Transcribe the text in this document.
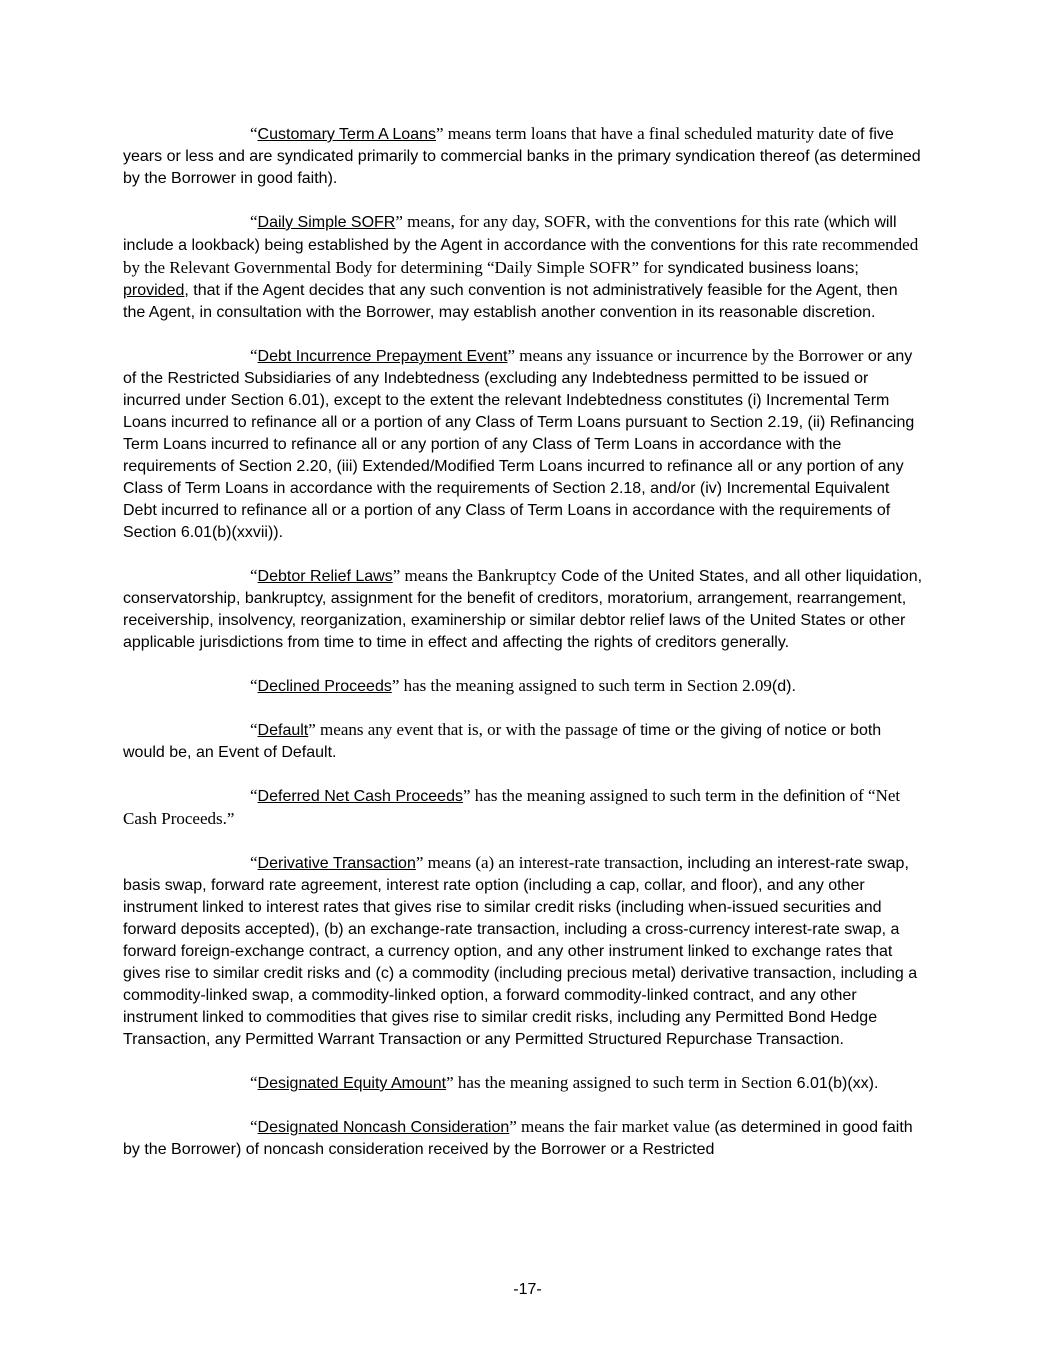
“Customary Term A Loans” means term loans that have a final scheduled maturity date of five years or less and are syndicated primarily to commercial banks in the primary syndication thereof (as determined by the Borrower in good faith).

“Daily Simple SOFR” means, for any day, SOFR, with the conventions for this rate (which will include a lookback) being established by the Agent in accordance with the conventions for this rate recommended by the Relevant Governmental Body for determining “Daily Simple SOFR” for syndicated business loans; provided, that if the Agent decides that any such convention is not administratively feasible for the Agent, then the Agent, in consultation with the Borrower, may establish another convention in its reasonable discretion.

“Debt Incurrence Prepayment Event” means any issuance or incurrence by the Borrower or any of the Restricted Subsidiaries of any Indebtedness (excluding any Indebtedness permitted to be issued or incurred under Section 6.01), except to the extent the relevant Indebtedness constitutes (i) Incremental Term Loans incurred to refinance all or a portion of any Class of Term Loans pursuant to Section 2.19, (ii) Refinancing Term Loans incurred to refinance all or any portion of any Class of Term Loans in accordance with the requirements of Section 2.20, (iii) Extended/Modified Term Loans incurred to refinance all or any portion of any Class of Term Loans in accordance with the requirements of Section 2.18, and/or (iv) Incremental Equivalent Debt incurred to refinance all or a portion of any Class of Term Loans in accordance with the requirements of Section 6.01(b)(xxvii)).

“Debtor Relief Laws” means the Bankruptcy Code of the United States, and all other liquidation, conservatorship, bankruptcy, assignment for the benefit of creditors, moratorium, arrangement, rearrangement, receivership, insolvency, reorganization, examinership or similar debtor relief laws of the United States or other applicable jurisdictions from time to time in effect and affecting the rights of creditors generally.

“Declined Proceeds” has the meaning assigned to such term in Section 2.09(d).

“Default” means any event that is, or with the passage of time or the giving of notice or both would be, an Event of Default.

“Deferred Net Cash Proceeds” has the meaning assigned to such term in the definition of “Net Cash Proceeds.”

“Derivative Transaction” means (a) an interest-rate transaction, including an interest-rate swap, basis swap, forward rate agreement, interest rate option (including a cap, collar, and floor), and any other instrument linked to interest rates that gives rise to similar credit risks (including when-issued securities and forward deposits accepted), (b) an exchange-rate transaction, including a cross-currency interest-rate swap, a forward foreign-exchange contract, a currency option, and any other instrument linked to exchange rates that gives rise to similar credit risks and (c) a commodity (including precious metal) derivative transaction, including a commodity-linked swap, a commodity-linked option, a forward commodity-linked contract, and any other instrument linked to commodities that gives rise to similar credit risks, including any Permitted Bond Hedge Transaction, any Permitted Warrant Transaction or any Permitted Structured Repurchase Transaction.

“Designated Equity Amount” has the meaning assigned to such term in Section 6.01(b)(xx).

“Designated Noncash Consideration” means the fair market value (as determined in good faith by the Borrower) of noncash consideration received by the Borrower or a Restricted

-17-
